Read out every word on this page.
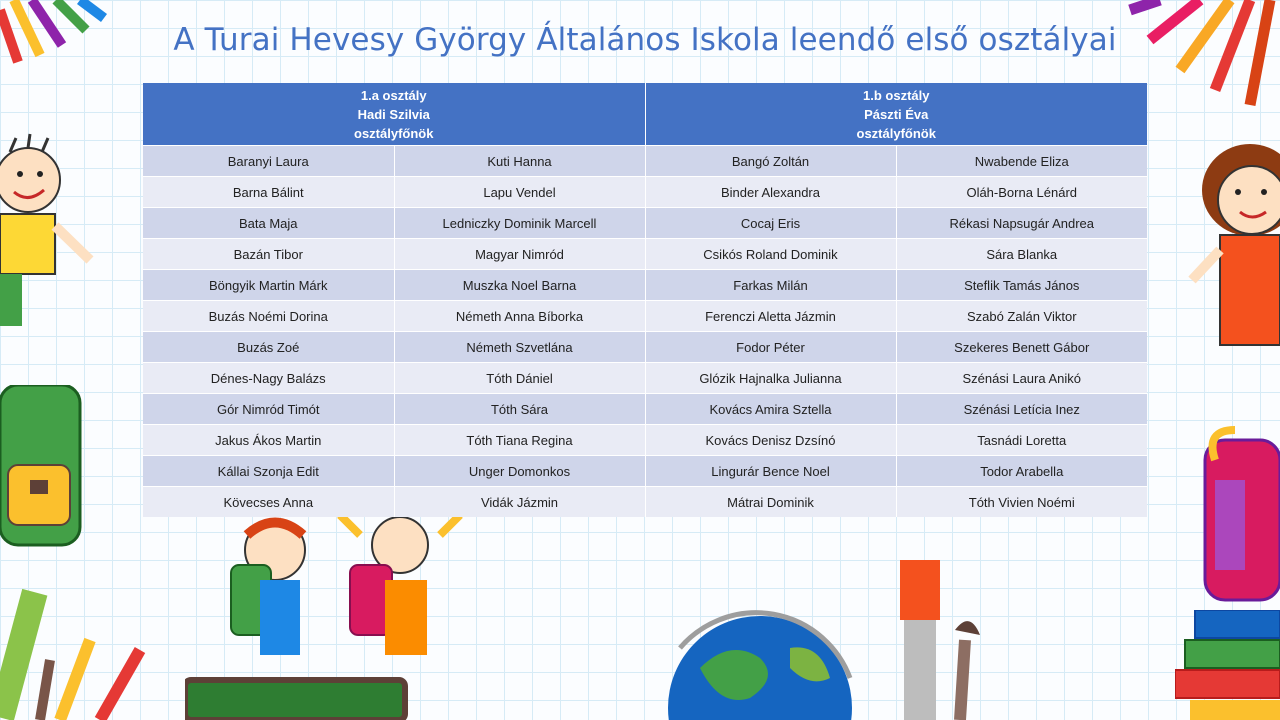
A Turai Hevesy György Általános Iskola leendő első osztályai
1.a osztály
Hadi Szilvia
osztályfőnök		1.b osztály
Pászti Éva
osztályfőnök	

Baranyi Laura	Kuti Hanna	Bangó Zoltán	Nwabende Eliza
Barna Bálint	Lapu Vendel	Binder Alexandra	Oláh-Borna Lénárd
Bata Maja	Ledniczky Dominik Marcell	Cocaj Eris	Rékasi Napsugár Andrea
Bazán Tibor	Magyar Nimród	Csikós Roland Dominik	Sára Blanka
Böngyik Martin Márk	Muszka Noel Barna	Farkas Milán	Steflik Tamás János
Buzás Noémi Dorina	Németh Anna Bíborka	Ferenczi Aletta Jázmin	Szabó Zalán Viktor
Buzás Zoé	Németh Szvetlána	Fodor Péter	Szekeres Benett Gábor
Dénes-Nagy Balázs	Tóth Dániel	Glózik Hajnalka Julianna	Szénási Laura Anikó
Gór Nimród Timót	Tóth Sára	Kovács Amira Sztella	Szénási Letícia Inez
Jakus Ákos Martin	Tóth Tiana Regina	Kovács Denisz Dzsínó	Tasnádi Loretta
Kállai Szonja Edit	Unger Domonkos	Lingurár Bence Noel	Todor Arabella
Kövecses Anna	Vidák Jázmin	Mátrai Dominik	Tóth Vivien Noémi
